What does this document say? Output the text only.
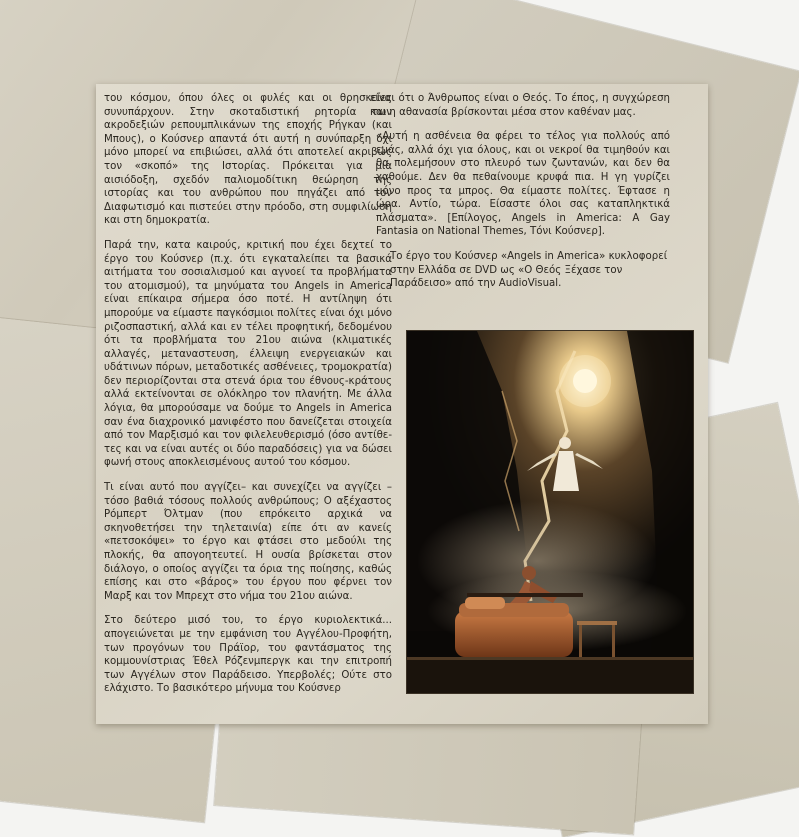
του κόσμου, όπου όλες οι φυλές και οι θρησκείες συνυπάρχουν. Στην σκοταδιστική ρητορία των ακροδεξιών ρεπουμπλικάνων της εποχής Ρήγκαν (και Μπους), ο Κούσνερ απαντά ότι αυτή η συνύπαρξη όχι μόνο μπορεί να επιβιώσει, αλλά ότι αποτελεί ακριβώς τον «σκοπό» της Ιστορίας. Πρόκειται για μία αισιόδοξη, σχεδόν παλιομοδίτικη θεώρηση της ιστορίας και του ανθρώπου που πηγάζει από τον Διαφωτισμό και πιστεύει στην πρόοδο, στη συμφιλίωση και στη δημοκρατία.

Παρά την, κατα καιρούς, κριτική που έχει δεχτεί το έργο του Κούσνερ (π.χ. ότι εγκαταλείπει τα βασικά αιτήματα του σοσιαλισμού και αγνοεί τα προβλήματα του ατομισμού), τα μηνύματα του Angels in America είναι επίκαιρα σήμερα όσο ποτέ. Η αντίληψη ότι μπορούμε να είμαστε παγκόσμιοι πολίτες είναι όχι μόνο ριζοσπαστική, αλλά και εν τέλει προφητική, δεδομένου ότι τα προβλήματα του 21ου αιώνα (κλιματικές αλλαγές, μεταναστευση, έλλειψη ενεργειακών και υδάτινων πόρων, μεταδοτικές ασθένειες, τρομοκρατία) δεν περιορίζονται στα στενά όρια του έθνους-κράτους αλλά εκτείνονται σε ολόκληρο τον πλανήτη. Με άλλα λόγια, θα μπορούσαμε να δούμε το Angels in America σαν ένα διαχρονικό μανιφέστο που δανείζεται στοιχεία από τον Μαρξισμό και τον φιλελευθερισμό (όσο αντίθετες και να είναι αυτές οι δύο παραδόσεις) για να δώσει φωνή στους αποκλεισμένους αυτού του κόσμου.

Τι είναι αυτό που αγγίζει– και συνεχίζει να αγγίζει – τόσο βαθιά τόσους πολλούς ανθρώπους; Ο αξέχαστος Ρόμπερτ Όλτμαν (που επρόκειτο αρχικά να σκηνοθετήσει την τηλεταινία) είπε ότι αν κανείς «πετσοκόψει» το έργο και φτάσει στο μεδούλι της πλοκής, θα απογοητευτεί. Η ουσία βρίσκεται στον διάλογο, ο οποίος αγγίζει τα όρια της ποίησης, καθώς επίσης και στο «βάρος» του έργου που φέρνει τον Μαρξ και τον Μπρεχτ στο νήμα του 21ου αιώνα.

Στο δεύτερο μισό του, το έργο κυριολεκτικά... απογειώνεται με την εμφάνιση του Αγγέλου-Προφήτη, των προγόνων του Πράϊορ, του φαντάσματος της κομμουνίστριας Έθελ Ρόζενμπεργκ και την επιτροπή των Αγγέλων στον Παράδεισο. Υπερβολές; Ούτε στο ελάχιστο. Το βασικότερο μήνυμα του Κούσνερ

είναι ότι ο Άνθρωπος είναι ο Θεός. Το έπος, η συγχώρεση και η αθανασία βρίσκονται μέσα στον καθέναν μας.

«Αυτή η ασθένεια θα φέρει το τέλος για πολλούς από εμάς, αλλά όχι για όλους, και οι νεκροί θα τιμηθούν και θα πολεμήσουν στο πλευρό των ζωντανών, και δεν θα χαθούμε. Δεν θα πεθαίνουμε κρυφά πια. Η γη γυρίζει μόνο προς τα μπρος. Θα είμαστε πολίτες. Έφτασε η ώρα. Αντίο, τώρα. Είσαστε όλοι σας καταπληκτικά πλάσματα». [Επίλογος, Angels in America: A Gay Fantasia on National Themes, Τόνι Κούσνερ].

Το έργο του Κούσνερ «Angels in America» κυκλοφορεί στην Ελλάδα σε DVD ως «Ο Θεός Ξέχασε τον Παράδεισο» από την AudioVisual.
